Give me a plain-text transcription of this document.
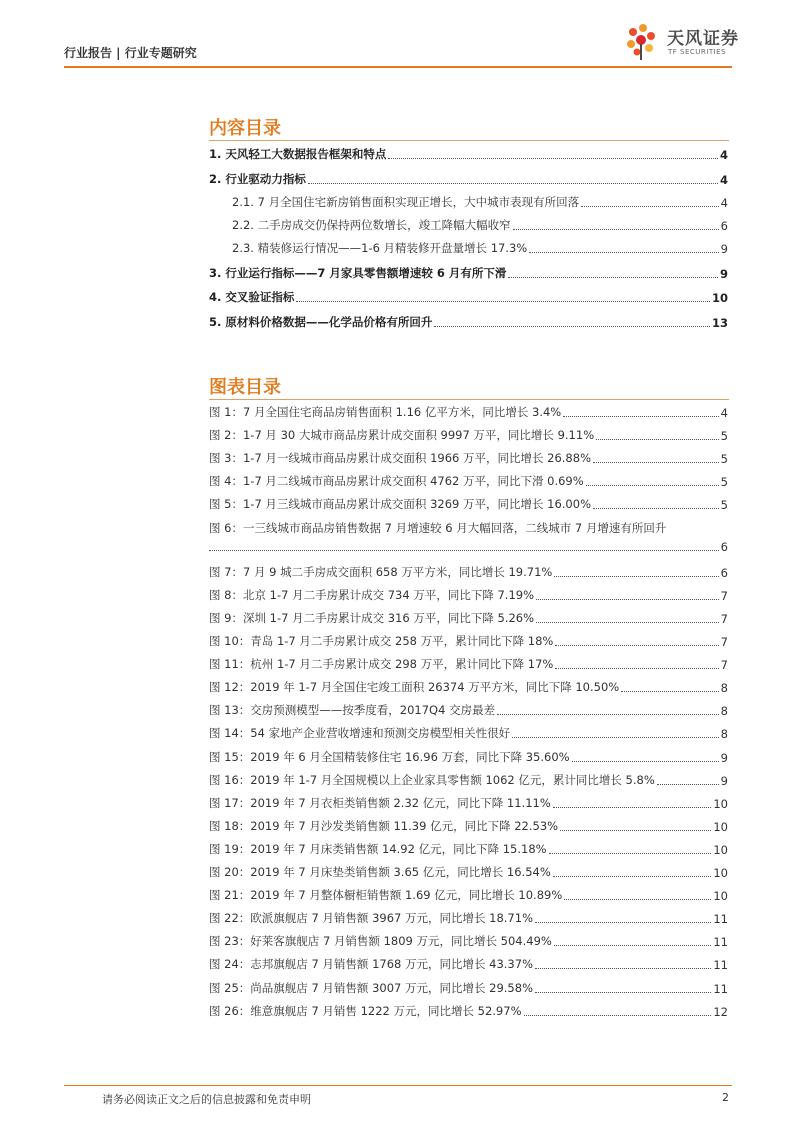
行业报告 | 行业专题研究
天风证券
TF SECURITIES
内容目录
1. 天风轻工大数据报告框架和特点	4
2. 行业驱动力指标	4
2.1. 7 月全国住宅新房销售面积实现正增长，大中城市表现有所回落	4
2.2. 二手房成交仍保持两位数增长，竣工降幅大幅收窄	6
2.3. 精装修运行情况——1-6 月精装修开盘量增长 17.3%	9
3. 行业运行指标——7 月家具零售额增速较 6 月有所下滑	9
4. 交叉验证指标	10
5. 原材料价格数据——化学品价格有所回升	13
图表目录
图 1：7 月全国住宅商品房销售面积 1.16 亿平方米，同比增长 3.4%	4
图 2：1-7 月 30 大城市商品房累计成交面积 9997 万平，同比增长 9.11%	5
图 3：1-7 月一线城市商品房累计成交面积 1966 万平，同比增长 26.88%	5
图 4：1-7 月二线城市商品房累计成交面积 4762 万平，同比下滑 0.69%	5
图 5：1-7 月三线城市商品房累计成交面积 3269 万平，同比增长 16.00%	5
图 6：一三线城市商品房销售数据 7 月增速较 6 月大幅回落，二线城市 7 月增速有所回升
6
图 7：7 月 9 城二手房成交面积 658 万平方米，同比增长 19.71%	6
图 8：北京 1-7 月二手房累计成交 734 万平，同比下降 7.19%	7
图 9：深圳 1-7 月二手房累计成交 316 万平，同比下降 5.26%	7
图 10：青岛 1-7 月二手房累计成交 258 万平，累计同比下降 18%	7
图 11：杭州 1-7 月二手房累计成交 298 万平，累计同比下降 17%	7
图 12：2019 年 1-7 月全国住宅竣工面积 26374 万平方米，同比下降 10.50%	8
图 13：交房预测模型——按季度看，2017Q4 交房最差	8
图 14：54 家地产企业营收增速和预测交房模型相关性很好	8
图 15：2019 年 6 月全国精装修住宅 16.96 万套，同比下降 35.60%	9
图 16：2019 年 1-7 月全国规模以上企业家具零售额 1062 亿元，累计同比增长 5.8%	9
图 17：2019 年 7 月衣柜类销售额 2.32 亿元，同比下降 11.11%	10
图 18：2019 年 7 月沙发类销售额 11.39 亿元，同比下降 22.53%	10
图 19：2019 年 7 月床类销售额 14.92 亿元，同比下降 15.18%	10
图 20：2019 年 7 月床垫类销售额 3.65 亿元，同比增长 16.54%	10
图 21：2019 年 7 月整体橱柜销售额 1.69 亿元，同比增长 10.89%	10
图 22：欧派旗舰店 7 月销售额 3967 万元，同比增长 18.71%	11
图 23：好莱客旗舰店 7 月销售额 1809 万元，同比增长 504.49%	11
图 24：志邦旗舰店 7 月销售额 1768 万元，同比增长 43.37%	11
图 25：尚品旗舰店 7 月销售额 3007 万元，同比增长 29.58%	11
图 26：维意旗舰店 7 月销售 1222 万元，同比增长 52.97%	12
请务必阅读正文之后的信息披露和免责申明	2
